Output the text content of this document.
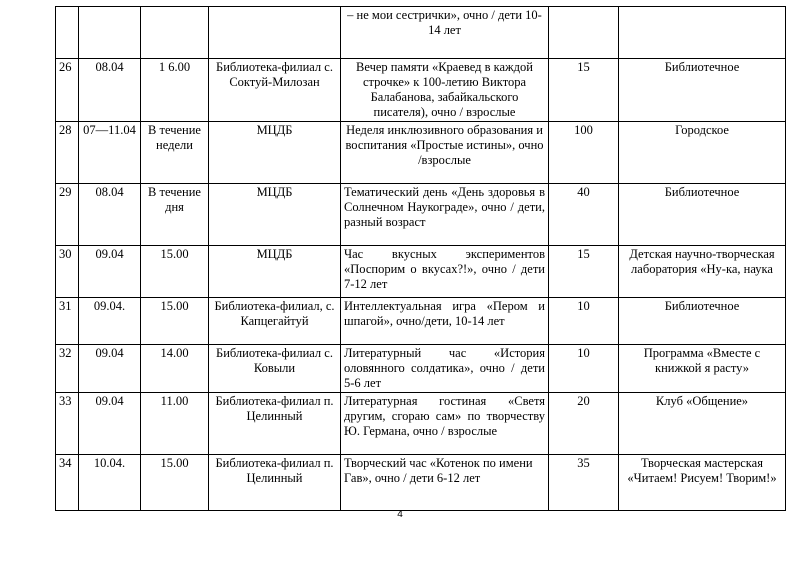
				– не мои сестрички», очно / дети 10-14 лет		
26	08.04	1 6.00	Библиотека-филиал с. Соктуй-Милозан	Вечер памяти «Краевед в каждой строчке» к 100-летию Виктора Балабанова, забайкальского писателя), очно / взрослые	15	Библиотечное
28	07—11.04	В течение недели	МЦДБ	Неделя инклюзивного образования и воспитания «Простые истины», очно /взрослые	100	Городское
29	08.04	В течение дня	МЦДБ	Тематический день «День здоровья в Солнечном Наукограде», очно / дети, разный возраст	40	Библиотечное
30	09.04	15.00	МЦДБ	Час вкусных экспериментов «Поспорим о вкусах?!», очно / дети 7-12 лет	15	Детская научно-творческая лаборатория «Ну-ка, наука
31	09.04.	15.00	Библиотека-филиал, с. Капцегайтуй	Интеллектуальная игра «Пером и шпагой», очно/дети, 10-14 лет	10	Библиотечное
32	09.04	14.00	Библиотека-филиал с. Ковыли	Литературный час «История оловянного солдатика», очно / дети 5-6 лет	10	Программа «Вместе с книжкой я расту»
33	09.04	11.00	Библиотека-филиал п. Целинный	Литературная гостиная «Светя другим, сгораю сам» по творчеству Ю. Германа, очно / взрослые	20	Клуб «Общение»
34	10.04.	15.00	Библиотека-филиал п. Целинный	Творческий час «Котенок по имени Гав», очно / дети 6-12 лет	35	Творческая мастерская «Читаем! Рисуем! Творим!»
4
